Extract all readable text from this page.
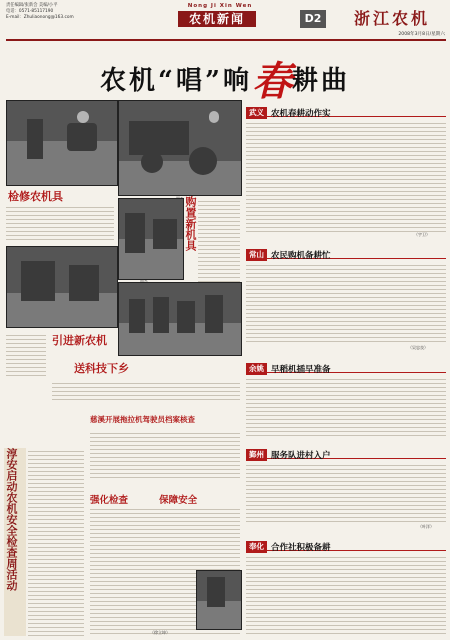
责任编辑/张新会 美编/小平
电话：0571-85117190
E-mail：Zhuliaonong@163.com
Nong Ji Xin Wen
农机新闻	D2 浙江农机
2008年3月8日/星期六
农机“唱”响春耕曲
检修农机具	购置新机具
引进新农机
送科技下乡
武义 农机春耕动作实
（宇卫）
常山 农民购机备耕忙
（吴忠良）
余姚 早稻机插早准备
鄞州 服务队进村入户
（叶洋）
奉化 合作社积极备耕
淳安启动农机安全检查周活动
慈溪开展拖拉机驾驶员档案核查
强化检查	保障安全
（徐立坤）
